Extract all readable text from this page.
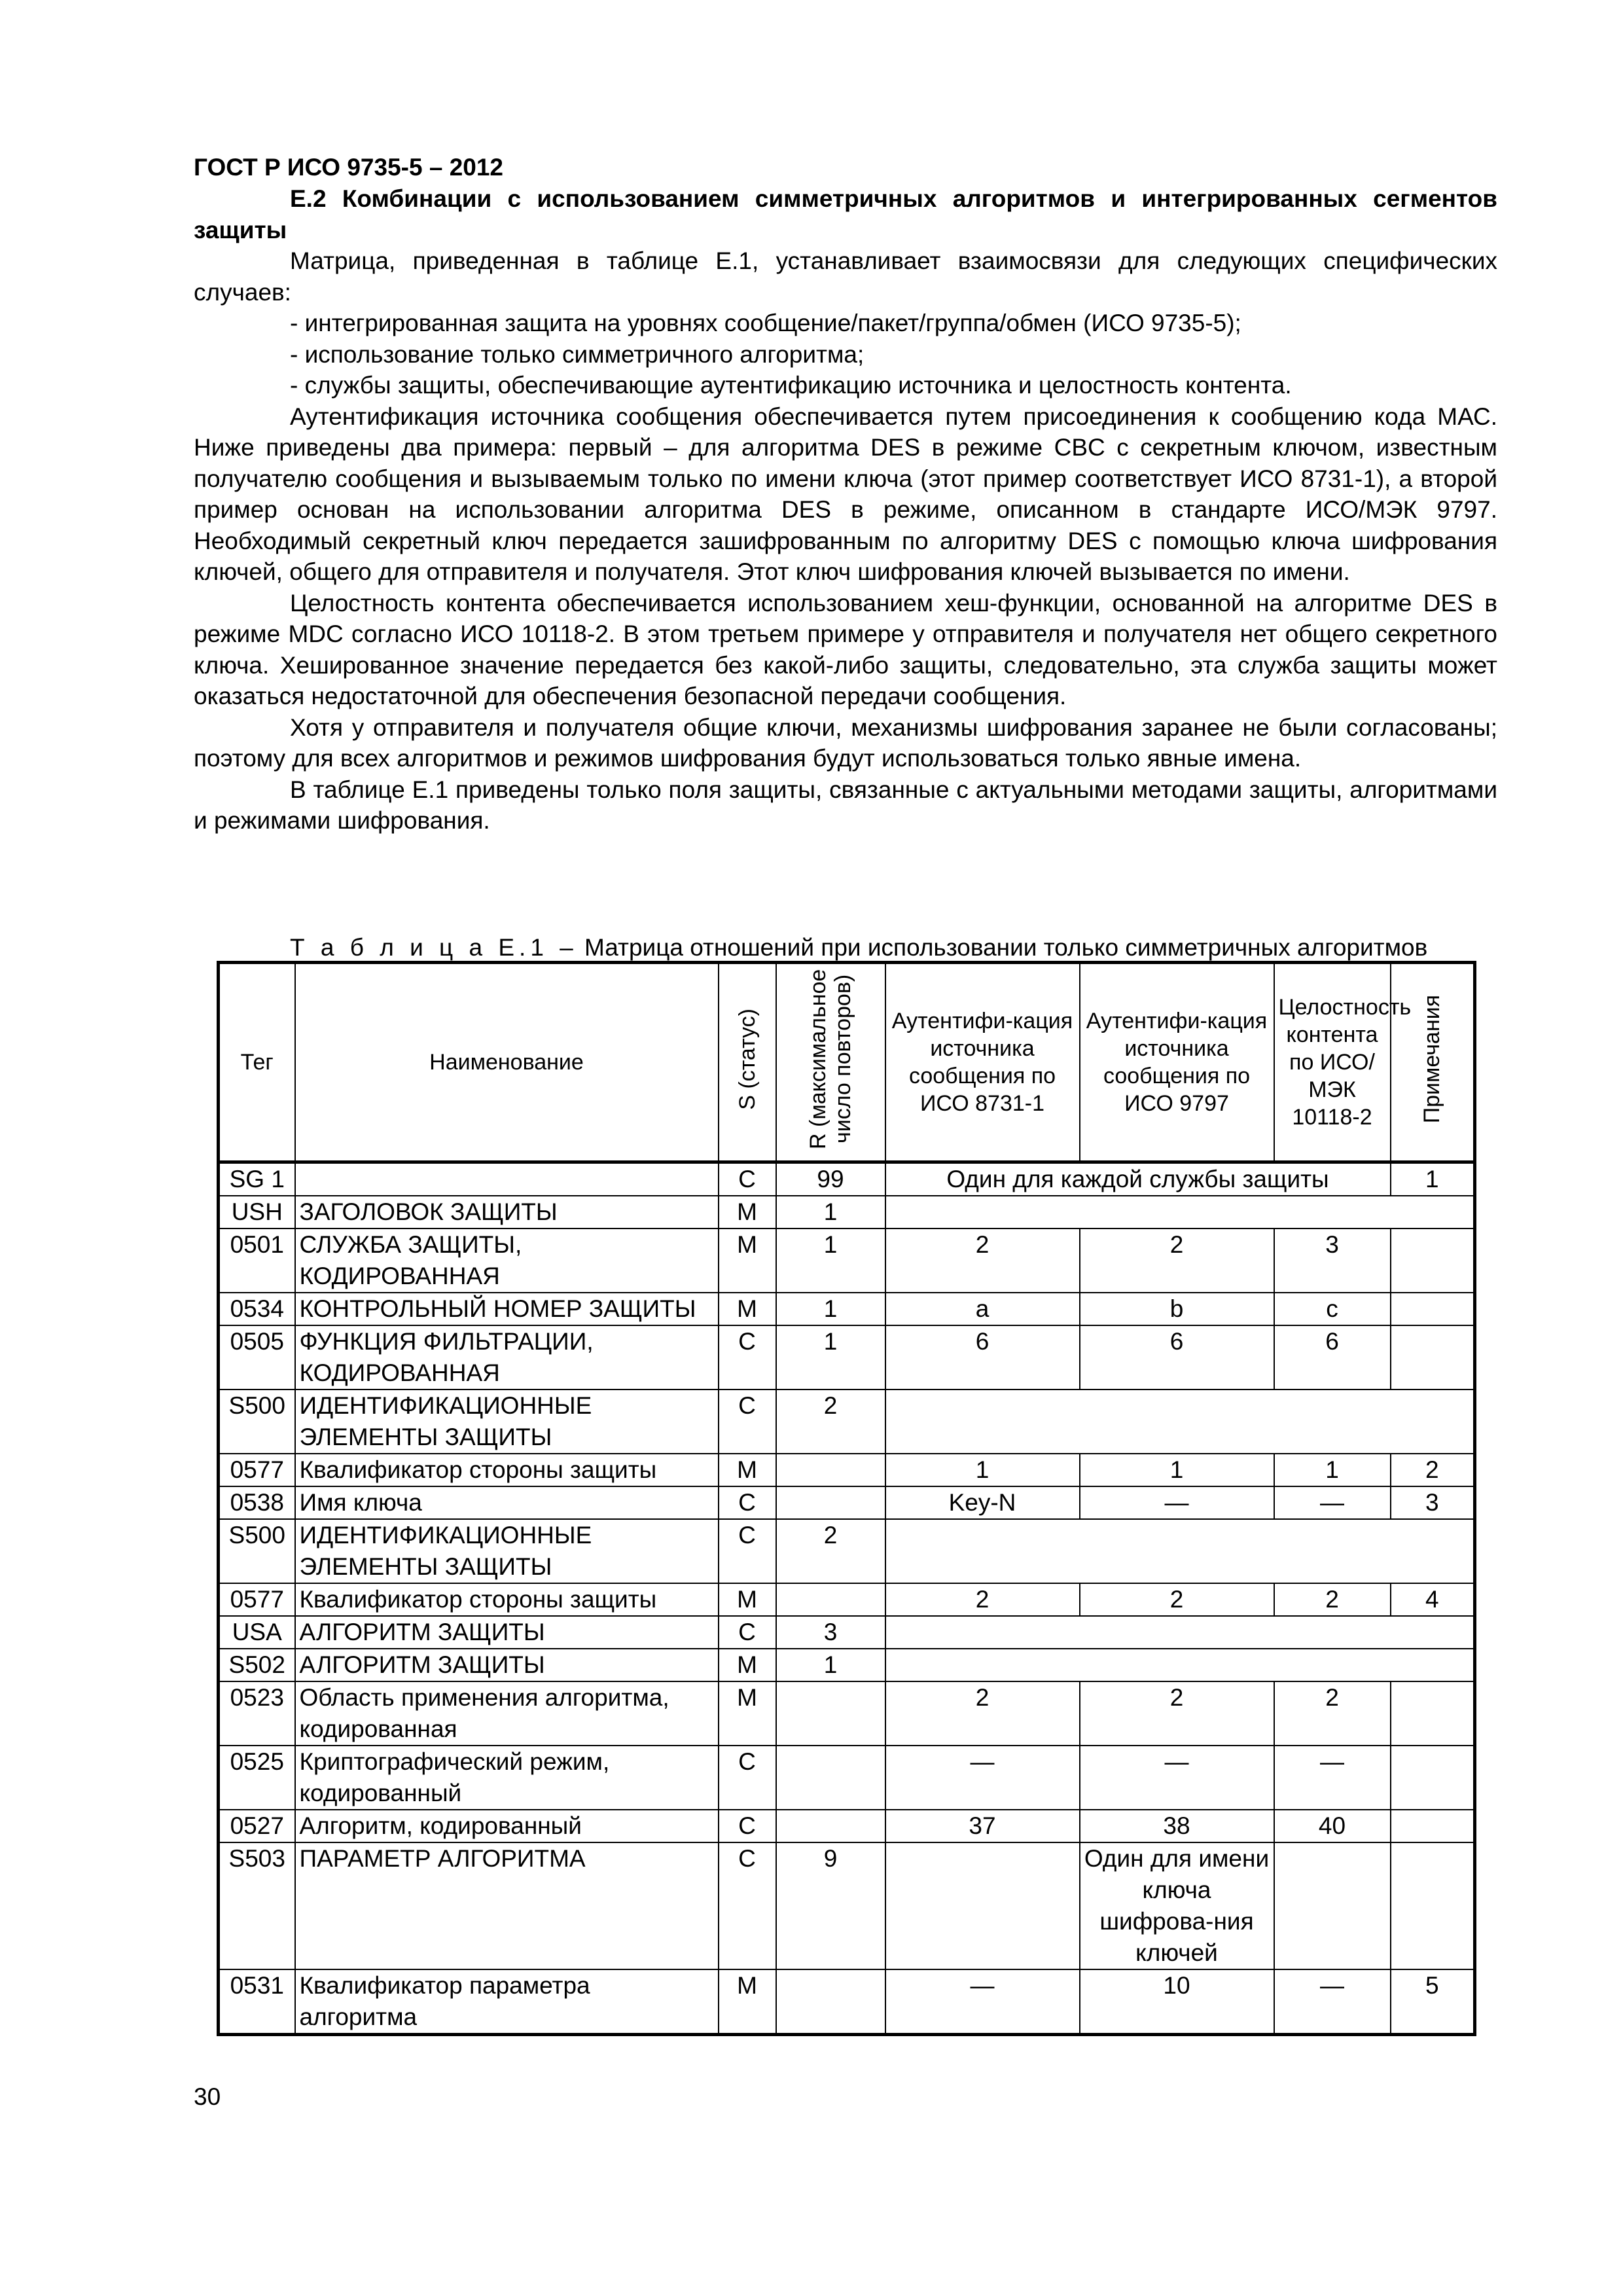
ГОСТ Р ИСО 9735-5 – 2012

Е.2 Комбинации с использованием симметричных алгоритмов и интегрированных сегментов защиты

Матрица, приведенная в таблице Е.1, устанавливает взаимосвязи для следующих специфических случаев:

- интегрированная защита на уровнях сообщение/пакет/группа/обмен (ИСО 9735-5);

- использование только симметричного алгоритма;

- службы защиты, обеспечивающие аутентификацию источника и целостность контента.

Аутентификация источника сообщения обеспечивается путем присоединения к сообщению кода МАС. Ниже приведены два примера: первый – для алгоритма DES в режиме CBC с секретным ключом, известным получателю сообщения и вызываемым только по имени ключа (этот пример соответствует ИСО 8731-1), а второй пример основан на использовании алгоритма DES в режиме, описанном в стандарте ИСО/МЭК 9797. Необходимый секретный ключ передается зашифрованным по алгоритму DES с помощью ключа шифрования ключей, общего для отправителя и получателя. Этот ключ шифрования ключей вызывается по имени.

Целостность контента обеспечивается использованием хеш-функции, основанной на алгоритме DES в режиме MDC согласно ИСО 10118-2. В этом третьем примере у отправителя и получателя нет общего секретного ключа. Хешированное значение передается без какой-либо защиты, следовательно, эта служба защиты может оказаться недостаточной для обеспечения безопасной передачи сообщения.

Хотя у отправителя и получателя общие ключи, механизмы шифрования заранее не были согласованы; поэтому для всех алгоритмов и режимов шифрования будут использоваться только явные имена.

В таблице Е.1 приведены только поля защиты, связанные с актуальными методами защиты, алгоритмами и режимами шифрования.

Т а б л и ц а Е.1 – Матрица отношений при использовании только симметричных алгоритмов
Тег	Наименование	S (статус)	R (максимальное число повторов)	Аутентифи-кация источника сообщения по ИСО 8731-1	Аутентифи-кация источника сообщения по ИСО 9797	Целостность контента по ИСО/МЭК 10118-2	Примечания
SG 1		C	99	Один для каждой службы защиты			1
USH	ЗАГОЛОВОК ЗАЩИТЫ	M	1				
0501	СЛУЖБА ЗАЩИТЫ, КОДИРОВАННАЯ	M	1	2	2	3	
0534	КОНТРОЛЬНЫЙ НОМЕР ЗАЩИТЫ	M	1	a	b	c	
0505	ФУНКЦИЯ ФИЛЬТРАЦИИ, КОДИРОВАННАЯ	C	1	6	6	6	
S500	ИДЕНТИФИКАЦИОННЫЕ ЭЛЕМЕНТЫ ЗАЩИТЫ	C	2				
0577	Квалификатор стороны защиты	M		1	1	1	2
0538	Имя ключа	C		Key-N	—	—	3
S500	ИДЕНТИФИКАЦИОННЫЕ ЭЛЕМЕНТЫ ЗАЩИТЫ	C	2				
0577	Квалификатор стороны защиты	M		2	2	2	4
USA	АЛГОРИТМ ЗАЩИТЫ	C	3				
S502	АЛГОРИТМ ЗАЩИТЫ	M	1				
0523	Область применения алгоритма, кодированная	M		2	2	2	
0525	Криптографический режим, кодированный	C		—	—	—	
0527	Алгоритм, кодированный	C		37	38	40	
S503	ПАРАМЕТР АЛГОРИТМА	C	9		Один для имени ключа шифрова-ния ключей		
0531	Квалификатор параметра алгоритма	M		—	10	—	5
30
